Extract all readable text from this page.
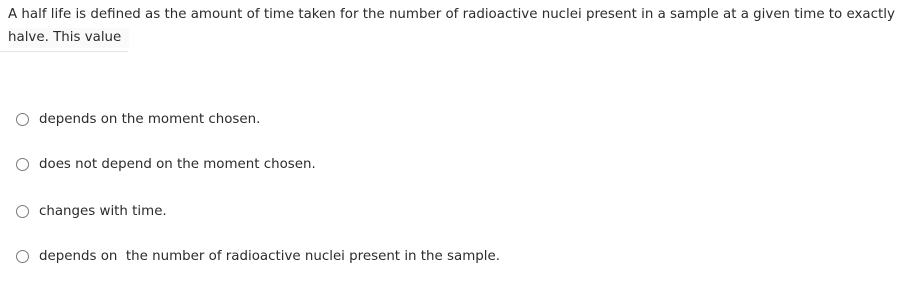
A half life is defined as the amount of time taken for the number of radioactive nuclei present in a sample at a given time to exactly
halve. This value
depends on the moment chosen.
does not depend on the moment chosen.
changes with time.
depends on  the number of radioactive nuclei present in the sample.
